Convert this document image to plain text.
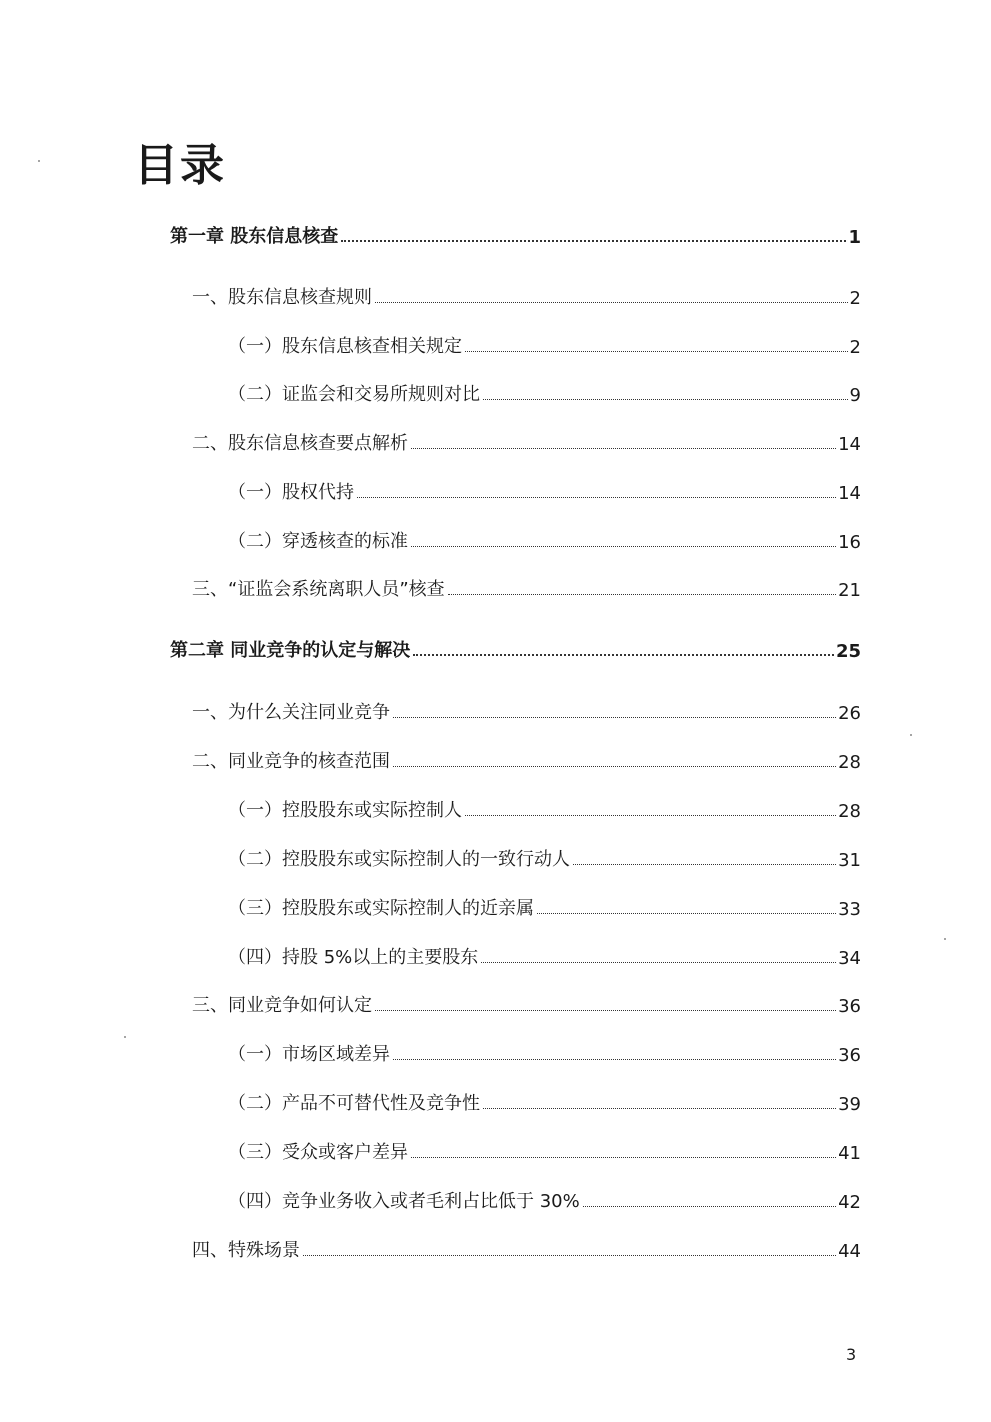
目录
第一章 股东信息核查	1
一、股东信息核查规则	2
（一）股东信息核查相关规定	2
（二）证监会和交易所规则对比	9
二、股东信息核查要点解析	14
（一）股权代持	14
（二）穿透核查的标准	16
三、“证监会系统离职人员”核查	21
第二章 同业竞争的认定与解决	25
一、为什么关注同业竞争	26
二、同业竞争的核查范围	28
（一）控股股东或实际控制人	28
（二）控股股东或实际控制人的一致行动人	31
（三）控股股东或实际控制人的近亲属	33
（四）持股 5%以上的主要股东	34
三、同业竞争如何认定	36
（一）市场区域差异	36
（二）产品不可替代性及竞争性	39
（三）受众或客户差异	41
（四）竞争业务收入或者毛利占比低于 30%	42
四、特殊场景	44
3
